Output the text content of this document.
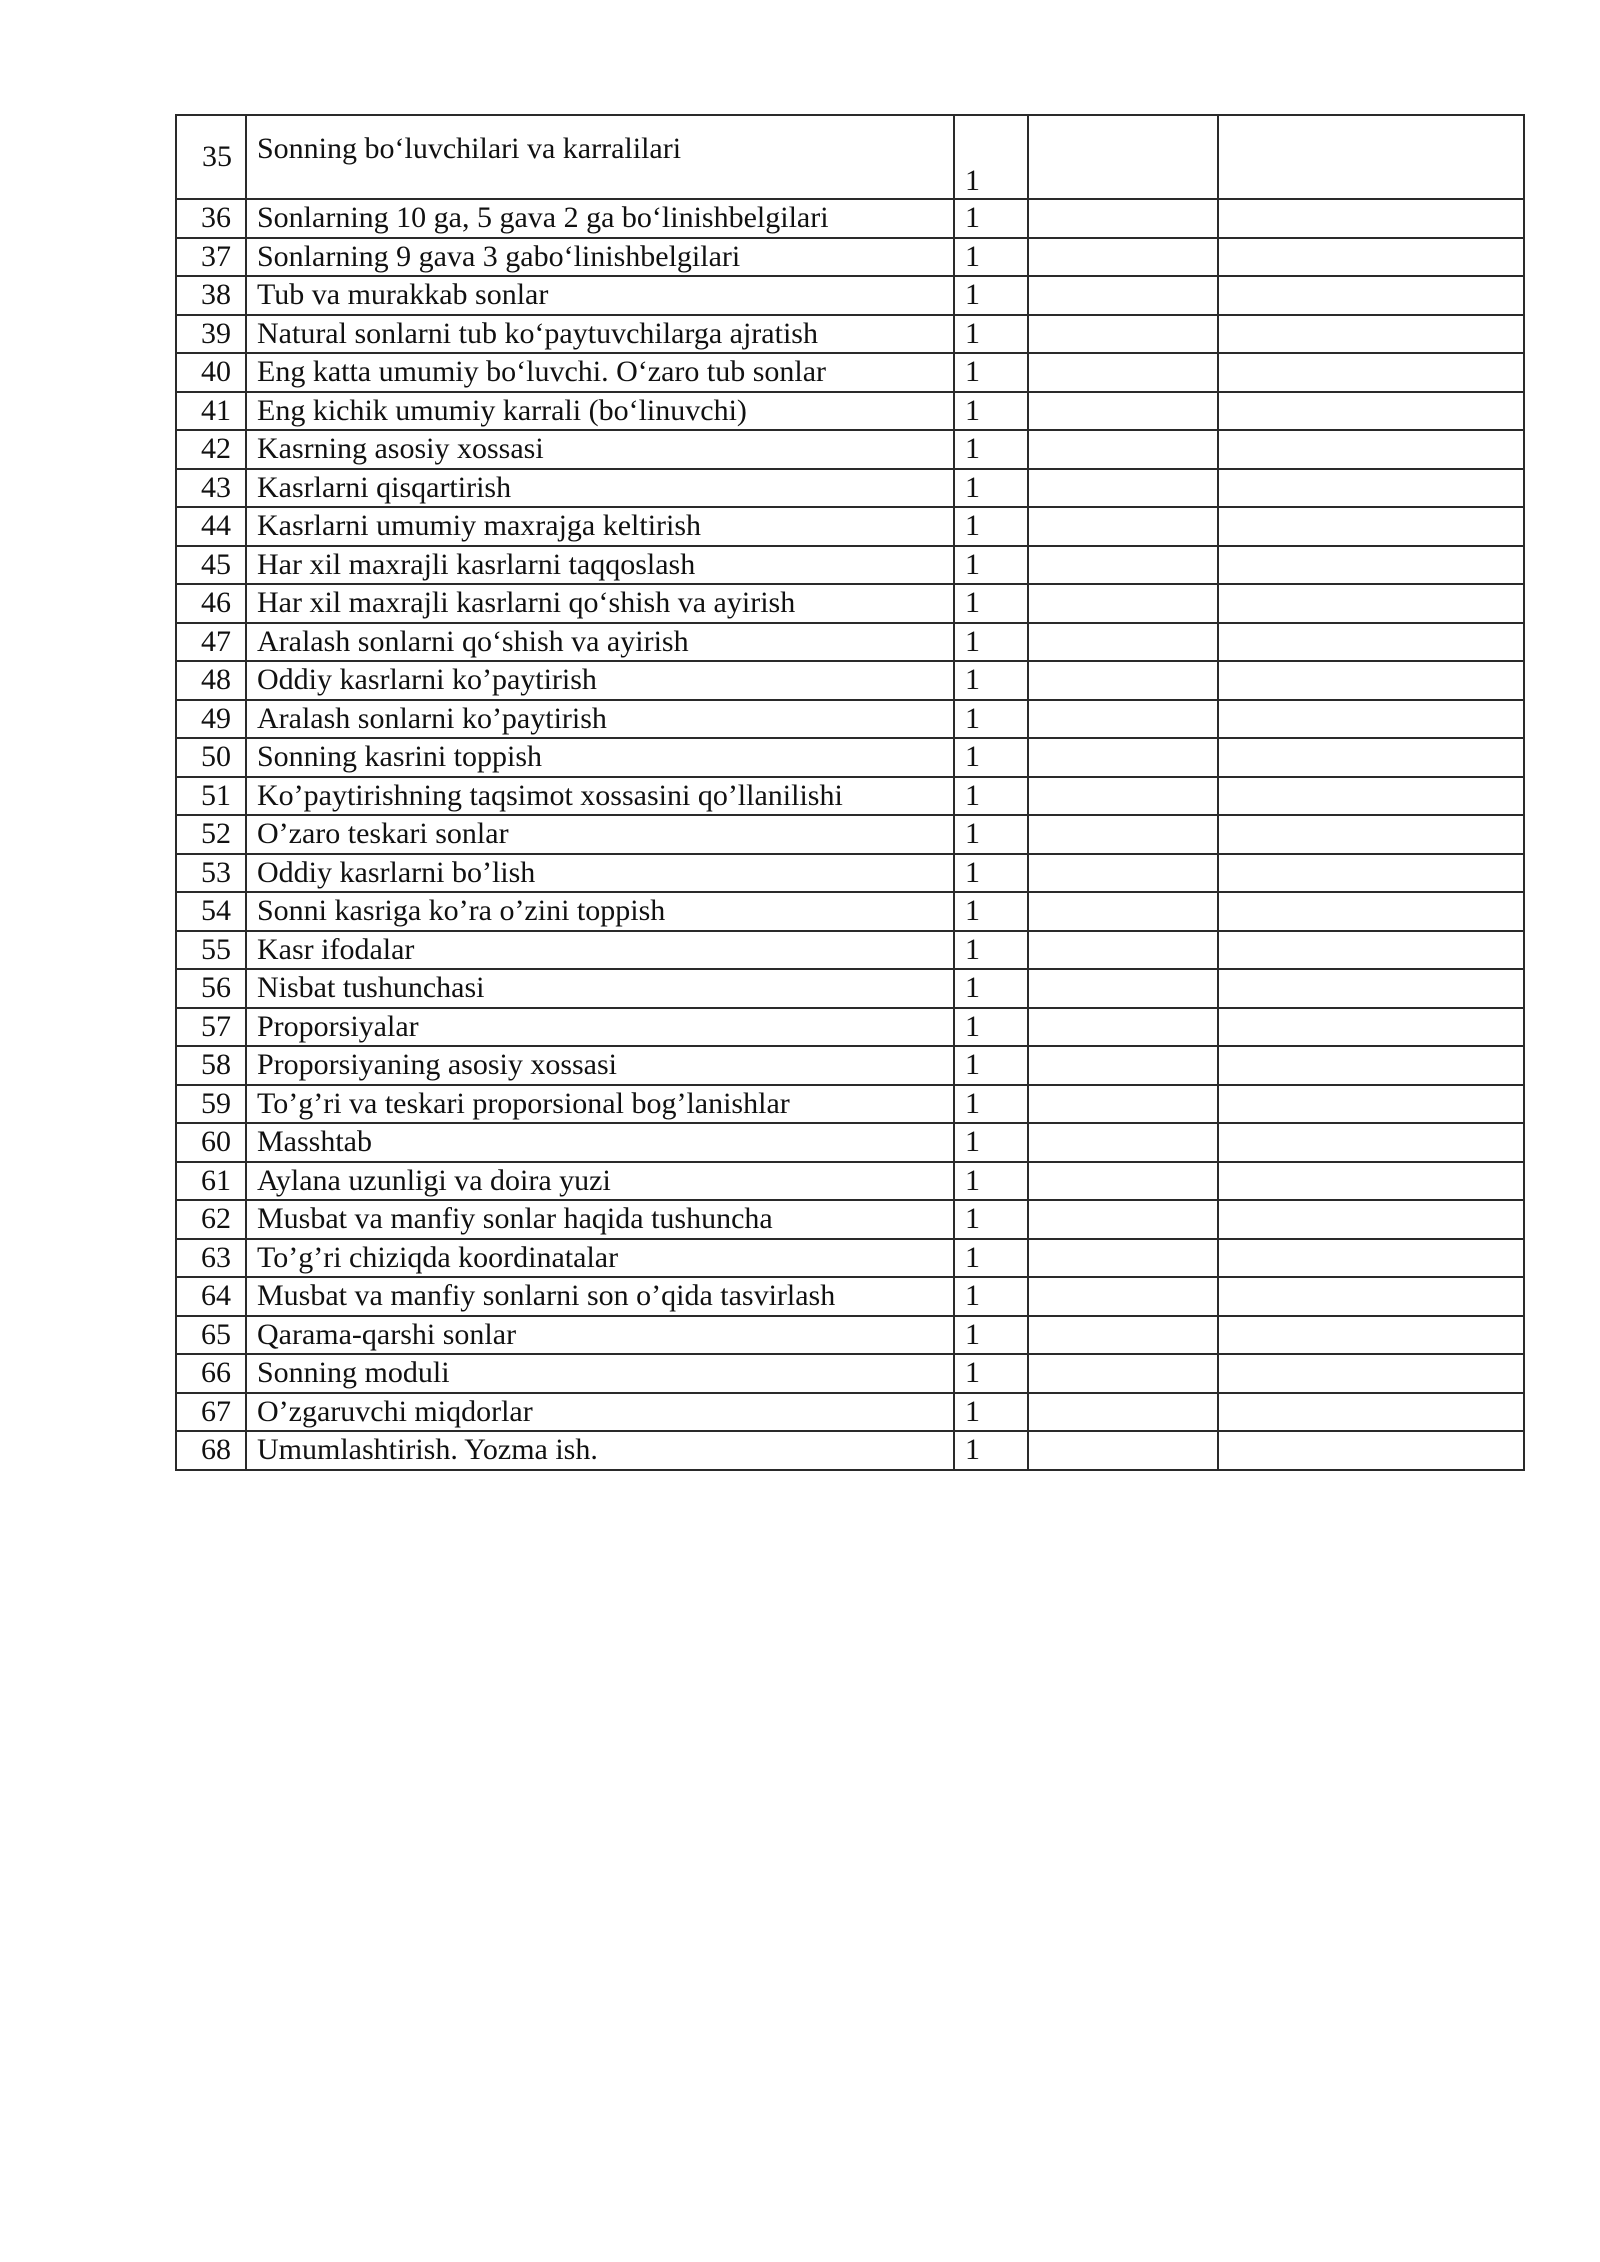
35	Sonning bo‘luvchilari va karralilari	1		
36	Sonlarning 10 ga, 5 gava 2 ga bo‘linishbelgilari	1		
37	Sonlarning 9 gava 3 gabo‘linishbelgilari	1		
38	Tub va murakkab sonlar	1		
39	Natural sonlarni tub ko‘paytuvchilarga ajratish	1		
40	Eng katta umumiy bo‘luvchi. O‘zaro tub sonlar	1		
41	Eng kichik umumiy karrali (bo‘linuvchi)	1		
42	Kasrning asosiy xossasi	1		
43	Kasrlarni qisqartirish	1		
44	Kasrlarni umumiy maxrajga keltirish	1		
45	Har xil maxrajli kasrlarni taqqoslash	1		
46	Har xil maxrajli kasrlarni qo‘shish va ayirish	1		
47	Aralash sonlarni qo‘shish va ayirish	1		
48	Oddiy kasrlarni ko’paytirish	1		
49	Aralash sonlarni ko’paytirish	1		
50	Sonning kasrini toppish	1		
51	Ko’paytirishning taqsimot xossasini qo’llanilishi	1		
52	O’zaro teskari sonlar	1		
53	Oddiy kasrlarni bo’lish	1		
54	Sonni kasriga ko’ra o’zini toppish	1		
55	Kasr ifodalar	1		
56	Nisbat tushunchasi	1		
57	Proporsiyalar	1		
58	Proporsiyaning asosiy xossasi	1		
59	To’g’ri va teskari proporsional bog’lanishlar	1		
60	Masshtab	1		
61	Aylana uzunligi va doira yuzi	1		
62	Musbat va manfiy sonlar haqida tushuncha	1		
63	To’g’ri chiziqda koordinatalar	1		
64	Musbat va manfiy sonlarni son o’qida tasvirlash	1		
65	Qarama-qarshi sonlar	1		
66	Sonning moduli	1		
67	O’zgaruvchi miqdorlar	1		
68	Umumlashtirish. Yozma ish.	1		
